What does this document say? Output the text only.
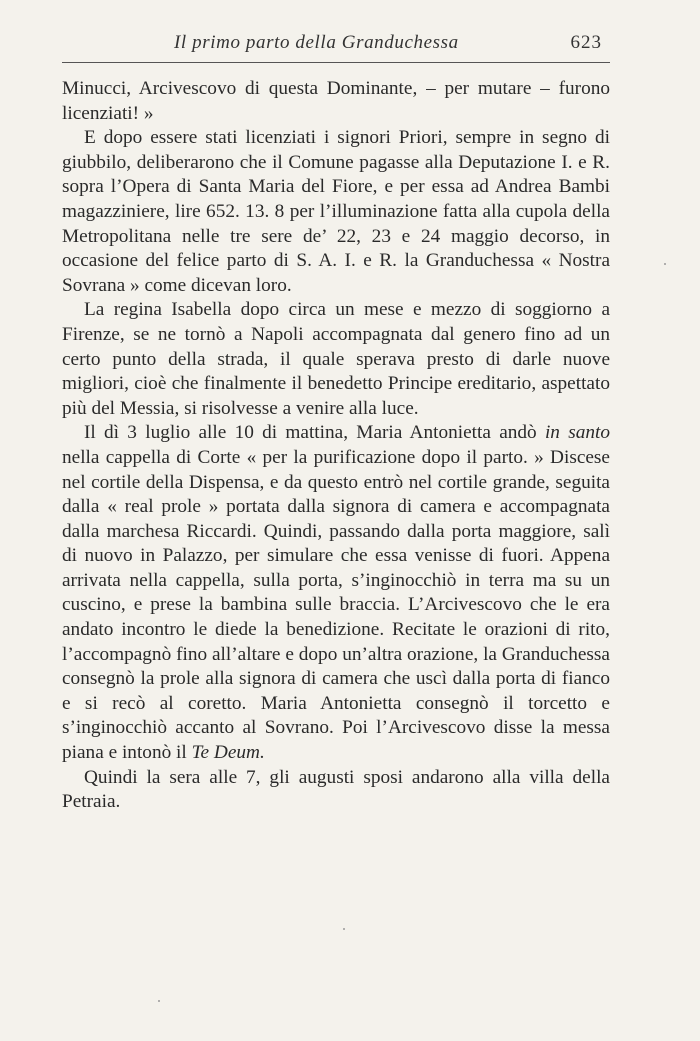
Il primo parto della Granduchessa	623

Minucci, Arcivescovo di questa Dominante, – per mutare – furono licenziati! »

E dopo essere stati licenziati i signori Priori, sempre in segno di giubbilo, deliberarono che il Comune pagasse alla Deputazione I. e R. sopra l’Opera di Santa Maria del Fiore, e per essa ad Andrea Bambi magazziniere, lire 652. 13. 8 per l’illuminazione fatta alla cupola della Metropolitana nelle tre sere de’ 22, 23 e 24 maggio decorso, in occasione del felice parto di S. A. I. e R. la Granduchessa « Nostra Sovrana » come dicevan loro.

La regina Isabella dopo circa un mese e mezzo di soggiorno a Firenze, se ne tornò a Napoli accompagnata dal genero fino ad un certo punto della strada, il quale sperava presto di darle nuove migliori, cioè che finalmente il benedetto Principe ereditario, aspettato più del Messia, si risolvesse a venire alla luce.

Il dì 3 luglio alle 10 di mattina, Maria Antonietta andò in santo nella cappella di Corte « per la purificazione dopo il parto. » Discese nel cortile della Dispensa, e da questo entrò nel cortile grande, seguita dalla « real prole » portata dalla signora di camera e accompagnata dalla marchesa Riccardi. Quindi, passando dalla porta maggiore, salì di nuovo in Palazzo, per simulare che essa venisse di fuori. Appena arrivata nella cappella, sulla porta, s’inginocchiò in terra ma su un cuscino, e prese la bambina sulle braccia. L’Arcivescovo che le era andato incontro le diede la benedizione. Recitate le orazioni di rito, l’accompagnò fino all’altare e dopo un’altra orazione, la Granduchessa consegnò la prole alla signora di camera che uscì dalla porta di fianco e si recò al coretto. Maria Antonietta consegnò il torcetto e s’inginocchiò accanto al Sovrano. Poi l’Arcivescovo disse la messa piana e intonò il Te Deum.

Quindi la sera alle 7, gli augusti sposi andarono alla villa della Petraia.
